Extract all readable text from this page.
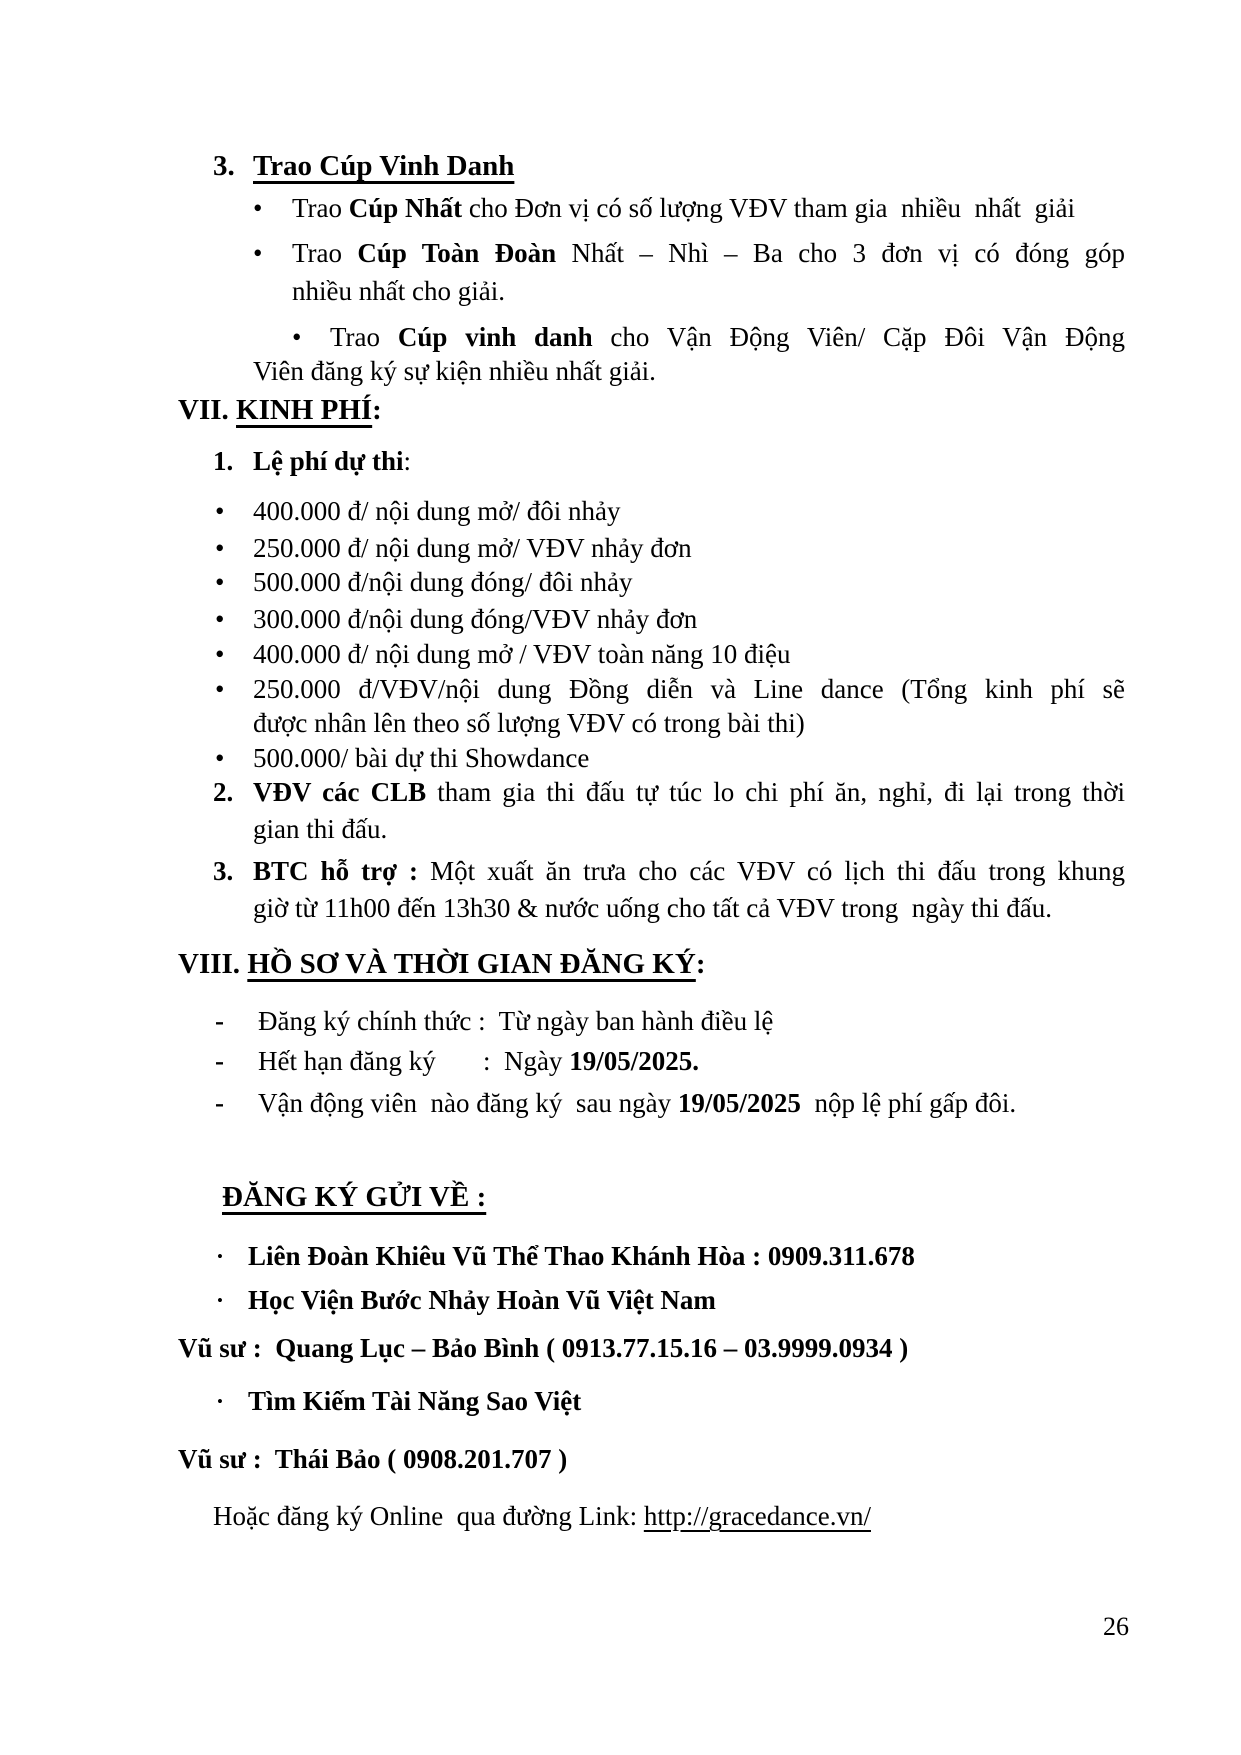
3. Trao Cúp Vinh Danh
•	Trao Cúp Nhất cho Đơn vị có số lượng VĐV tham gia  nhiều  nhất  giải
•	Trao Cúp Toàn Đoàn Nhất – Nhì – Ba cho 3 đơn vị có đóng góp
nhiều nhất cho giải.
•	Trao Cúp vinh danh cho Vận Động Viên/ Cặp Đôi Vận Động
Viên đăng ký sự kiện nhiều nhất giải.
VII. KINH PHÍ:
1. Lệ phí dự thi:
•	400.000 đ/ nội dung mở/ đôi nhảy
•	250.000 đ/ nội dung mở/ VĐV nhảy đơn
•	500.000 đ/nội dung đóng/ đôi nhảy
•	300.000 đ/nội dung đóng/VĐV nhảy đơn
•	400.000 đ/ nội dung mở / VĐV toàn năng 10 điệu
•	250.000 đ/VĐV/nội dung Đồng diễn và Line dance (Tổng kinh phí sẽ
được nhân lên theo số lượng VĐV có trong bài thi)
•	500.000/ bài dự thi Showdance
2. VĐV các CLB tham gia thi đấu tự túc lo chi phí ăn, nghỉ, đi lại trong thời
gian thi đấu.
3. BTC hỗ trợ : Một xuất ăn trưa cho các VĐV có lịch thi đấu trong khung
giờ từ 11h00 đến 13h30 & nước uống cho tất cả VĐV trong  ngày thi đấu.
VIII. HỒ SƠ VÀ THỜI GIAN ĐĂNG KÝ:
-	Đăng ký chính thức :  Từ ngày ban hành điều lệ
-	Hết hạn đăng ký       :  Ngày 19/05/2025.
-	Vận động viên  nào đăng ký  sau ngày 19/05/2025  nộp lệ phí gấp đôi.
ĐĂNG KÝ GỬI VỀ :
• Liên Đoàn Khiêu Vũ Thể Thao Khánh Hòa : 0909.311.678
• Học Viện Bước Nhảy Hoàn Vũ Việt Nam
Vũ sư :  Quang Lục – Bảo Bình ( 0913.77.15.16 – 03.9999.0934 )
• Tìm Kiếm Tài Năng Sao Việt
Vũ sư :  Thái Bảo ( 0908.201.707 )
Hoặc đăng ký Online  qua đường Link: http://gracedance.vn/
26
